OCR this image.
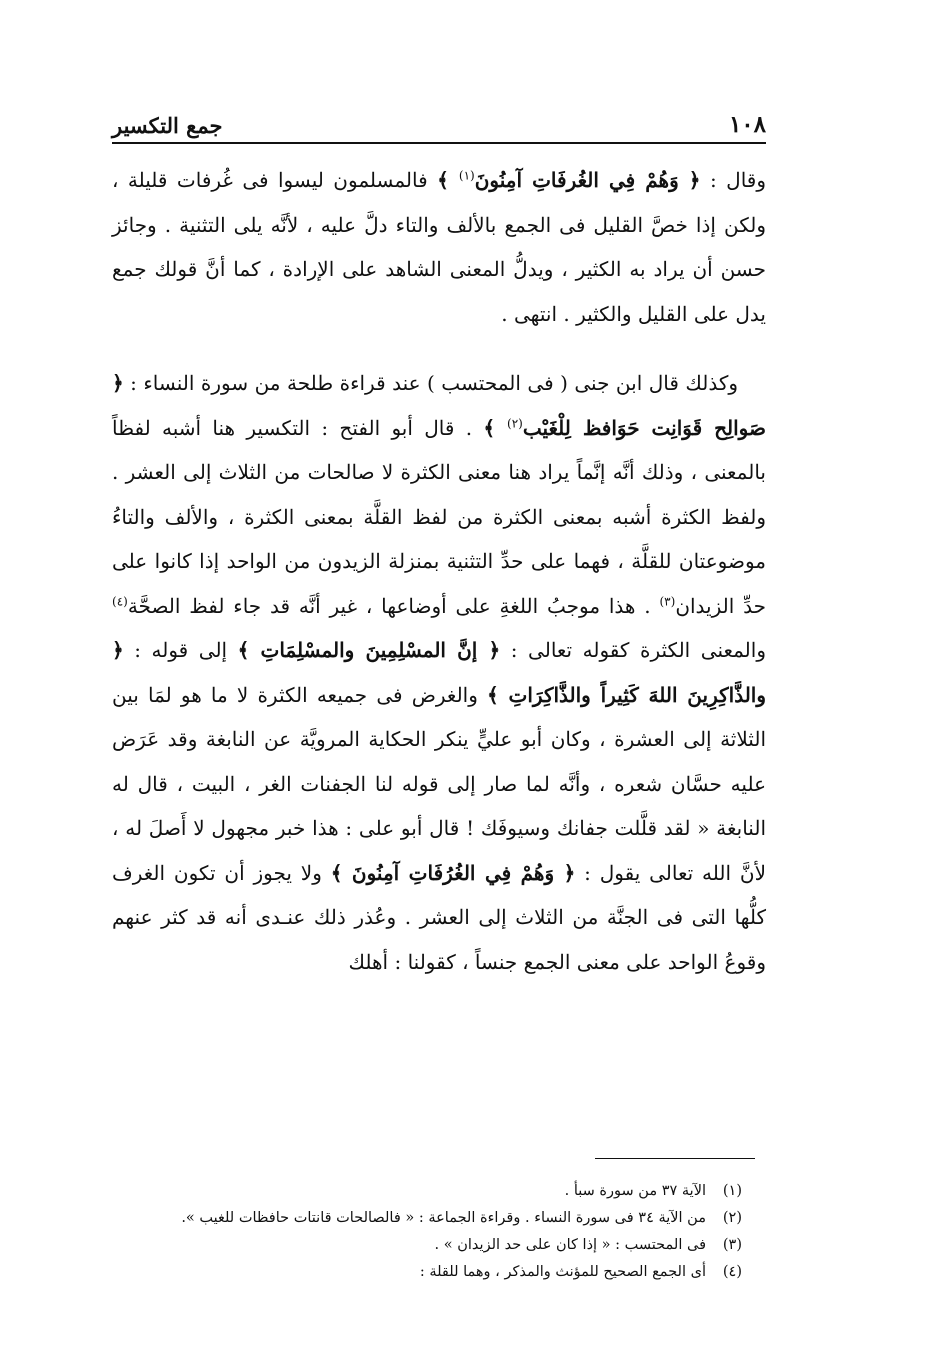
١٠٨
جمع التكسير

وقال : ﴿ وَهُمْ فِي الغُرفَاتِ آمِنُونَ$^{(١)}$ ﴾ فالمسلمون ليسوا فى غُرفات قليلة ، ولكن إذا خصَّ القليل فى الجمع بالألف والتاء دلَّ عليه ، لأنَّه يلى التثنية . وجائز حسن أن يراد به الكثير ، ويدلُّ المعنى الشاهد على الإرادة ، كما أنَّ قولك جمع يدل على القليل والكثير . انتهى .

وكذلك قال ابن جنى ( فى المحتسب ) عند قراءة طلحة من سورة النساء : ﴿ صَوالِح قَوَانِت حَوَافظ لِلْغَيْب$^{(٢)}$ ﴾ . قال أبو الفتح : التكسير هنا أشبه لفظاً بالمعنى ، وذلك أنَّه إنَّماً يراد هنا معنى الكثرة لا صالحات من الثلاث إلى العشر . ولفظ الكثرة أشبه بمعنى الكثرة من لفظ القلَّة بمعنى الكثرة ، والألف والتاءُ موضوعتان للقلَّة ، فهما على حدِّ التثنية بمنزلة الزيدون من الواحد إذا كانوا على حدِّ الزيدان$^{(٣)}$ . هذا موجبُ اللغةِ على أوضاعها ، غير أنَّه قد جاء لفظ الصحَّة$^{(٤)}$ والمعنى الكثرة كقوله تعالى : ﴿ إنَّ المسْلِمِينَ والمسْلِمَاتِ ﴾ إلى قوله : ﴿ والذَّاكِرِينَ اللهَ كَثِيراً والذَّاكِرَاتِ ﴾ والغرض فى جميعه الكثرة لا ما هو لمَا بين الثلاثة إلى العشرة ، وكان أبو عليٍّ ينكر الحكاية المرويَّة عن النابغة وقد عَرَض عليه حسَّان شعره ، وأنَّه لما صار إلى قوله لنا الجفنات الغر ، البيت ، قال له النابغة « لقد قلَّلت جفانك وسيوفَك ! قال أبو على : هذا خبر مجهول لا أَصلَ له ، لأنَّ الله تعالى يقول : ﴿ وَهُمْ فِي الغُرُفَاتِ آمِنُونَ ﴾ ولا يجوز أن تكون الغرف كلُّها التى فى الجنَّة من الثلاث إلى العشر . وعُذر ذلك عنـدى أنه قد كثر عنهم وقوعُ الواحد على معنى الجمع جنساً ، كقولنا : أهلك

(١)الآية ٣٧ من سورة سبأ .

(٢)من الآية ٣٤ فى سورة النساء . وقراءة الجماعة : « فالصالحات قانتات حافظات للغيب ».

(٣)فى المحتسب : « إذا كان على حد الزيدان » .

(٤)أى الجمع الصحيح للمؤنث والمذكر ، وهما للقلة :
